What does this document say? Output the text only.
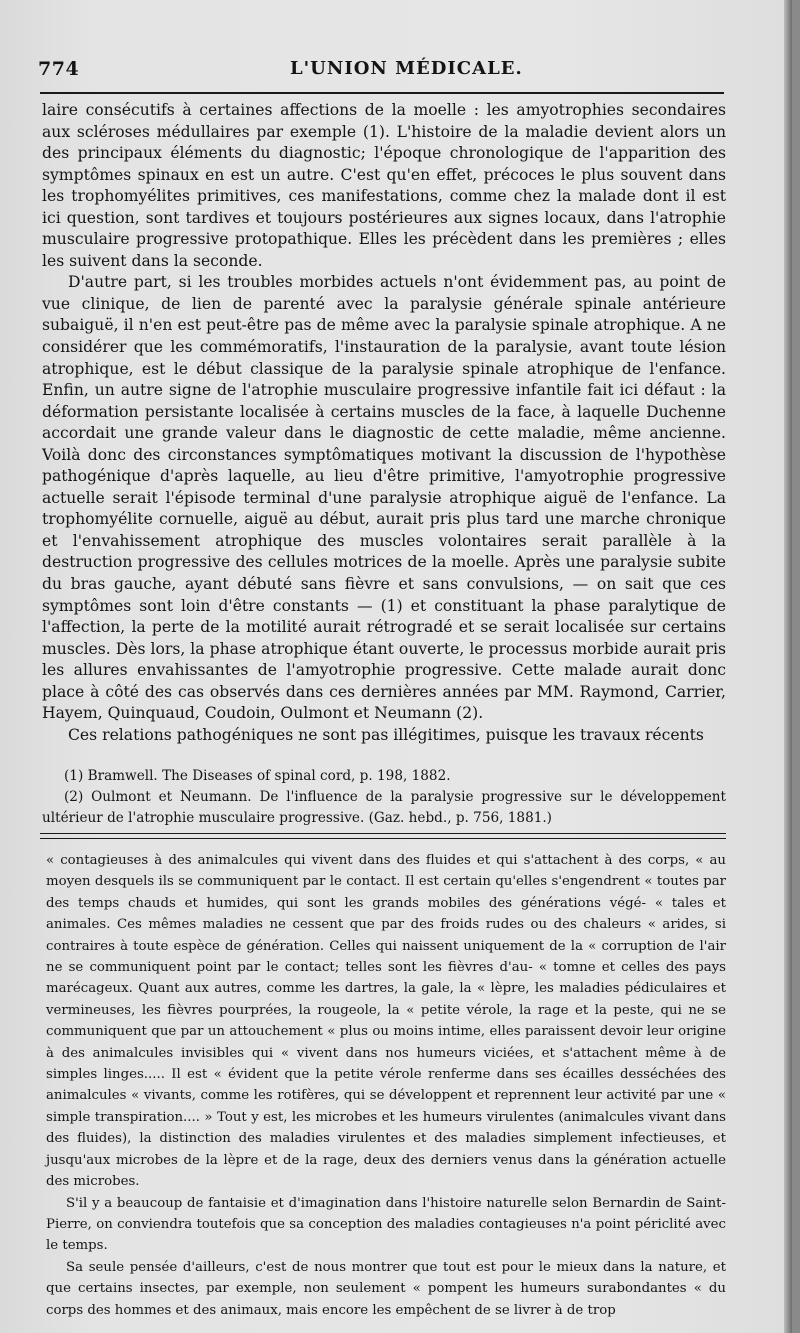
774	L'UNION MÉDICALE.

laire consécutifs à certaines affections de la moelle : les amyotrophies secondaires aux scléroses médullaires par exemple (1). L'histoire de la maladie devient alors un des principaux éléments du diagnostic; l'époque chronologique de l'apparition des symptômes spinaux en est un autre. C'est qu'en effet, précoces le plus souvent dans les trophomyélites primitives, ces manifestations, comme chez la malade dont il est ici question, sont tardives et toujours postérieures aux signes locaux, dans l'atrophie musculaire progressive protopathique. Elles les précèdent dans les premières ; elles les suivent dans la seconde.

D'autre part, si les troubles morbides actuels n'ont évidemment pas, au point de vue clinique, de lien de parenté avec la paralysie générale spinale antérieure subaiguë, il n'en est peut-être pas de même avec la paralysie spinale atrophique. A ne considérer que les commémoratifs, l'instauration de la paralysie, avant toute lésion atrophique, est le début classique de la paralysie spinale atrophique de l'enfance. Enfin, un autre signe de l'atrophie musculaire progressive infantile fait ici défaut : la déformation persistante localisée à certains muscles de la face, à laquelle Duchenne accordait une grande valeur dans le diagnostic de cette maladie, même ancienne. Voilà donc des circonstances symptômatiques motivant la discussion de l'hypothèse pathogénique d'après laquelle, au lieu d'être primitive, l'amyotrophie progressive actuelle serait l'épisode terminal d'une paralysie atrophique aiguë de l'enfance. La trophomyélite cornuelle, aiguë au début, aurait pris plus tard une marche chronique et l'envahissement atrophique des muscles volontaires serait parallèle à la destruction progressive des cellules motrices de la moelle. Après une paralysie subite du bras gauche, ayant débuté sans fièvre et sans convulsions, — on sait que ces symptômes sont loin d'être constants — (1) et constituant la phase paralytique de l'affection, la perte de la motilité aurait rétrogradé et se serait localisée sur certains muscles. Dès lors, la phase atrophique étant ouverte, le processus morbide aurait pris les allures envahissantes de l'amyotrophie progressive. Cette malade aurait donc place à côté des cas observés dans ces dernières années par MM. Raymond, Carrier, Hayem, Quinquaud, Coudoin, Oulmont et Neumann (2).

Ces relations pathogéniques ne sont pas illégitimes, puisque les travaux récents

(1) Bramwell. The Diseases of spinal cord, p. 198, 1882.

(2) Oulmont et Neumann. De l'influence de la paralysie progressive sur le développement ultérieur de l'atrophie musculaire progressive. (Gaz. hebd., p. 756, 1881.)

« contagieuses à des animalcules qui vivent dans des fluides et qui s'attachent à des corps, « au moyen desquels ils se communiquent par le contact. Il est certain qu'elles s'engendrent « toutes par des temps chauds et humides, qui sont les grands mobiles des générations végé- « tales et animales. Ces mêmes maladies ne cessent que par des froids rudes ou des chaleurs « arides, si contraires à toute espèce de génération. Celles qui naissent uniquement de la « corruption de l'air ne se communiquent point par le contact; telles sont les fièvres d'au- « tomne et celles des pays marécageux. Quant aux autres, comme les dartres, la gale, la « lèpre, les maladies pédiculaires et vermineuses, les fièvres pourprées, la rougeole, la « petite vérole, la rage et la peste, qui ne se communiquent que par un attouchement « plus ou moins intime, elles paraissent devoir leur origine à des animalcules invisibles qui « vivent dans nos humeurs viciées, et s'attachent même à de simples linges..... Il est « évident que la petite vérole renferme dans ses écailles desséchées des animalcules « vivants, comme les rotifères, qui se développent et reprennent leur activité par une « simple transpiration.... » Tout y est, les microbes et les humeurs virulentes (animalcules vivant dans des fluides), la distinction des maladies virulentes et des maladies simplement infectieuses, et jusqu'aux microbes de la lèpre et de la rage, deux des derniers venus dans la génération actuelle des microbes.

S'il y a beaucoup de fantaisie et d'imagination dans l'histoire naturelle selon Bernardin de Saint-Pierre, on conviendra toutefois que sa conception des maladies contagieuses n'a point périclité avec le temps.

Sa seule pensée d'ailleurs, c'est de nous montrer que tout est pour le mieux dans la nature, et que certains insectes, par exemple, non seulement « pompent les humeurs surabondantes « du corps des hommes et des animaux, mais encore les empêchent de se livrer à de trop
